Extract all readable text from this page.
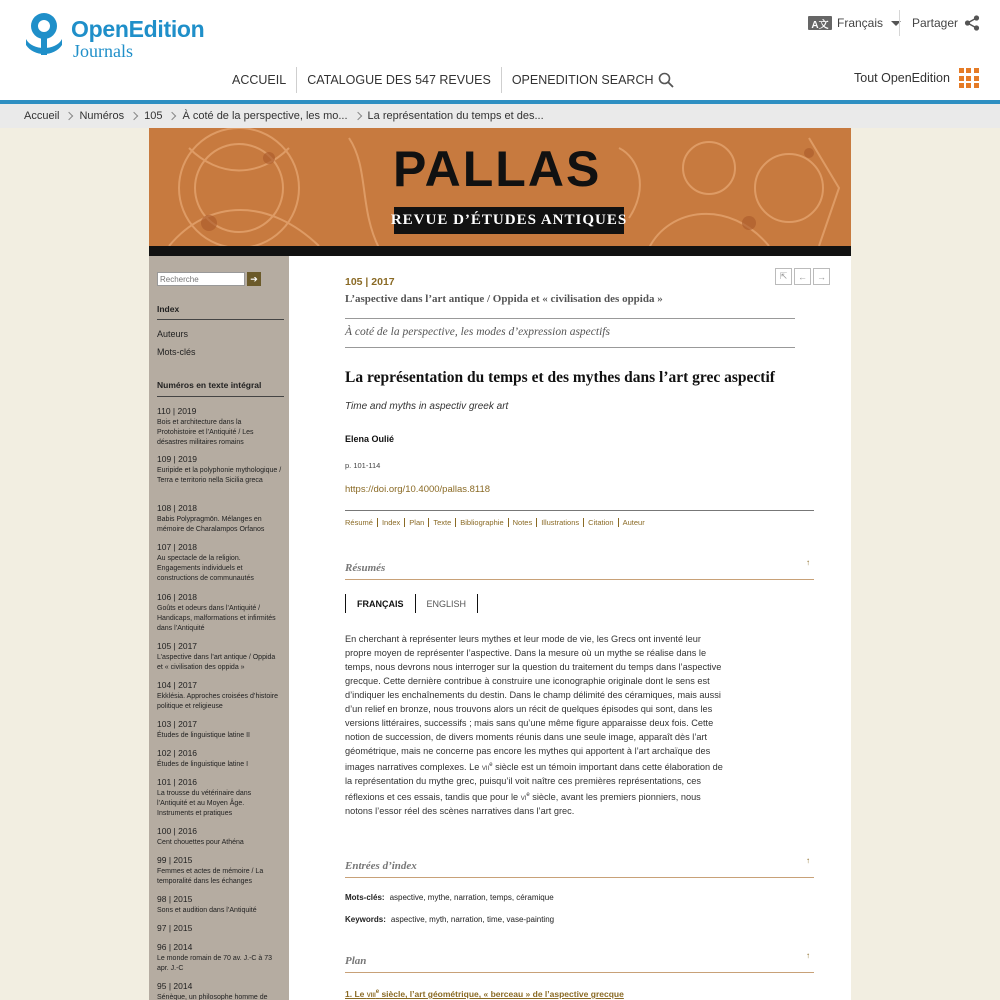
OpenEdition
Journals
A文 Français Partager
ACCUEIL	CATALOGUE DES 547 REVUES	OPENEDITION SEARCH	Tout OpenEdition
Accueil Numéros 105 À coté de la perspective, les mo... La représentation du temps et des...
PALLAS
REVUE D’ÉTUDES ANTIQUES
Recherche
➔
Index
Auteurs
Mots-clés
Numéros en texte intégral
110 | 2019
Bois et architecture dans la Protohistoire et l’Antiquité / Les désastres militaires romains
109 | 2019
Euripide et la polyphonie mythologique / Terra e territorio nella Sicilia greca
108 | 2018
Babis Polypragmōn. Mélanges en mémoire de Charalampos Orfanos
107 | 2018
Au spectacle de la religion. Engagements individuels et constructions de communautés
106 | 2018
Goûts et odeurs dans l’Antiquité / Handicaps, malformations et infirmités dans l’Antiquité
105 | 2017
L’aspective dans l’art antique / Oppida et « civilisation des oppida »
104 | 2017
Ekklésia. Approches croisées d’histoire politique et religieuse
103 | 2017
Études de linguistique latine II
102 | 2016
Études de linguistique latine I
101 | 2016
La trousse du vétérinaire dans l’Antiquité et au Moyen Âge. Instruments et pratiques
100 | 2016
Cent chouettes pour Athéna
99 | 2015
Femmes et actes de mémoire / La temporalité dans les échanges
98 | 2015
Sons et audition dans l’Antiquité
97 | 2015
96 | 2014
Le monde romain de 70 av. J.-C à 73 apr. J.-C
95 | 2014
Sénèque, un philosophe homme de
⇱	←	→
105 | 2017
L’aspective dans l’art antique / Oppida et « civilisation des oppida »
À coté de la perspective, les modes d’expression aspectifs
La représentation du temps et des mythes dans l’art grec aspectif
Time and myths in aspectiv greek art
Elena Oulié
p. 101-114
https://doi.org/10.4000/pallas.8118
Résumé	Index	Plan	Texte	Bibliographie	Notes	Illustrations	Citation	Auteur
Résumés	↑
FRANÇAIS	ENGLISH

En cherchant à représenter leurs mythes et leur mode de vie, les Grecs ont inventé leur propre moyen de représenter l’aspective. Dans la mesure où un mythe se réalise dans le temps, nous devrons nous interroger sur la question du traitement du temps dans l’aspective grecque. Cette dernière contribue à construire une iconographie originale dont le sens est d’indiquer les enchaînements du destin. Dans le champ délimité des céramiques, mais aussi d’un relief en bronze, nous trouvons alors un récit de quelques épisodes qui sont, dans les versions littéraires, successifs ; mais sans qu’une même figure apparaisse deux fois. Cette notion de succession, de divers moments réunis dans une seule image, apparaît dès l’art géométrique, mais ne concerne pas encore les mythes qui apportent à l’art archaïque des images narratives complexes. Le vii$^e$ siècle est un témoin important dans cette élaboration de la représentation du mythe grec, puisqu’il voit naître ces premières représentations, ces réflexions et ces essais, tandis que pour le $vi^e$ siècle, avant les premiers pionniers, nous notons l’essor réel des scènes narratives dans l’art grec.

Entrées d’index	↑
Mots-clés: aspective, mythe, narration, temps, céramique
Keywords: aspective, myth, narration, time, vase-painting
Plan	↑
1. Le viii$^e$ siècle, l’art géométrique, « berceau » de l’aspective grecque
